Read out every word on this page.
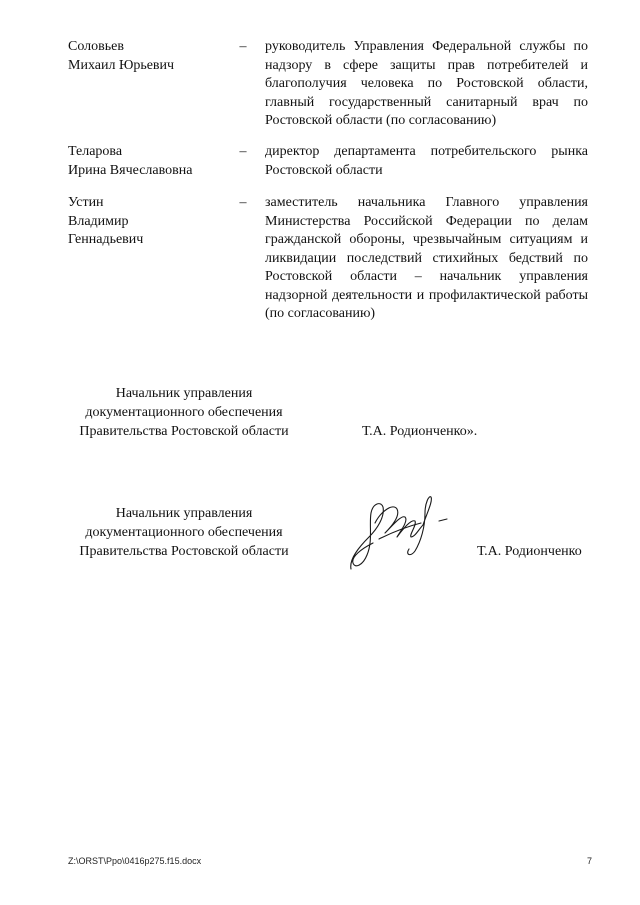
Соловьев
Михаил Юрьевич
– руководитель Управления Федеральной службы по надзору в сфере защиты прав потребителей и благополучия человека по Ростовской области, главный государственный санитарный врач по Ростовской области (по согласованию)
Теларова
Ирина Вячеславовна
– директор департамента потребительского рынка Ростовской области
Устин
Владимир
Геннадьевич
– заместитель начальника Главного управления Министерства Российской Федерации по делам гражданской обороны, чрезвычайным ситуациям и ликвидации последствий стихийных бедствий по Ростовской области – начальник управления надзорной деятельности и профилактической работы (по согласованию)
Начальник управления
документационного обеспечения
Правительства Ростовской области	Т.А. Родионченко».
Начальник управления
документационного обеспечения
Правительства Ростовской области	Т.А. Родионченко
Z:\ORST\Ppo\0416p275.f15.docx	7
